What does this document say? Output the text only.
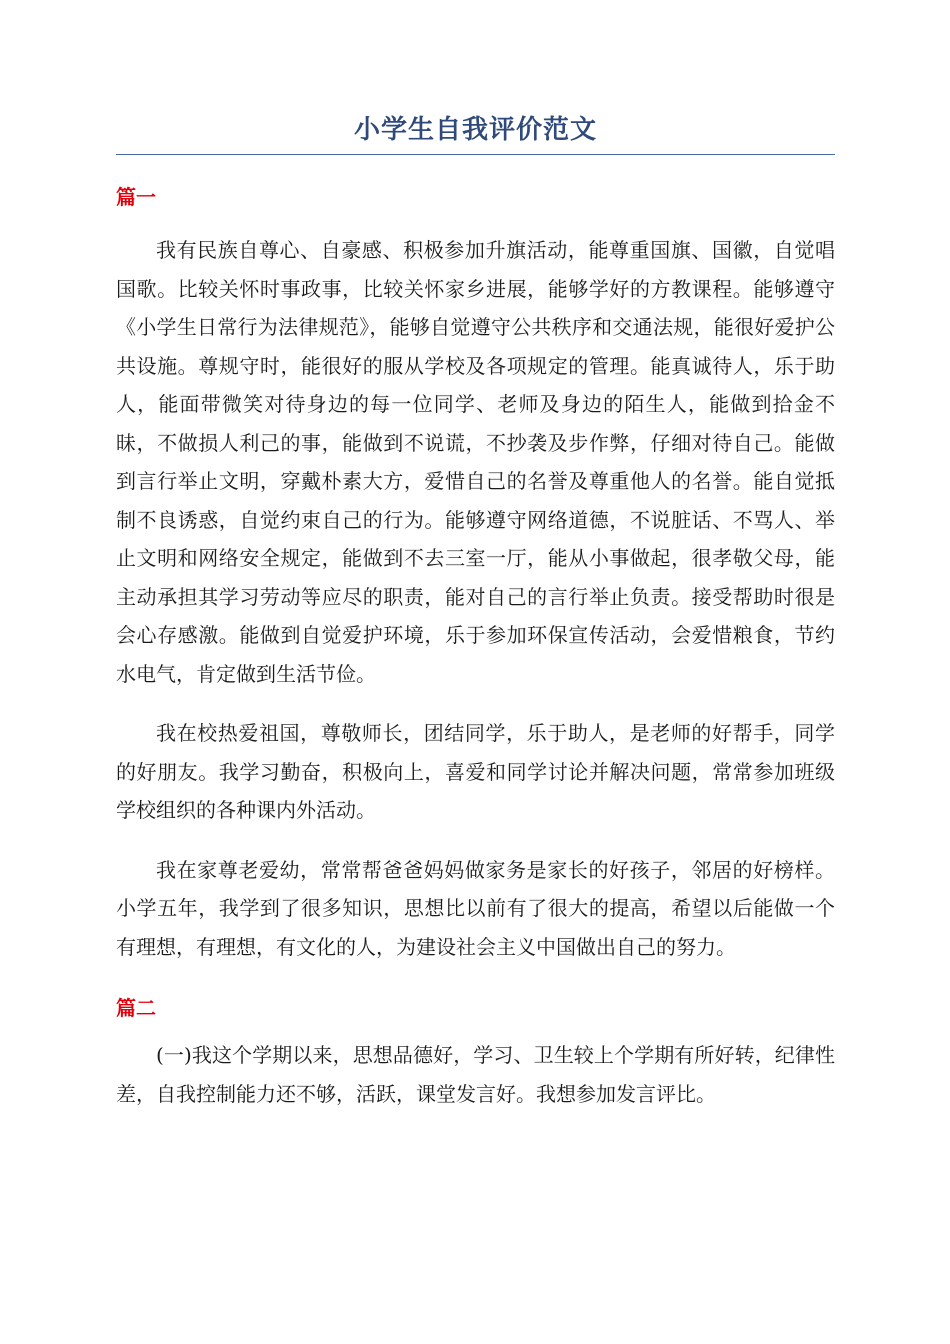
小学生自我评价范文
篇一

我有民族自尊心、自豪感、积极参加升旗活动，能尊重国旗、国徽，自觉唱国歌。比较关怀时事政事，比较关怀家乡进展，能够学好的方教课程。能够遵守《小学生日常行为法律规范》，能够自觉遵守公共秩序和交通法规，能很好爱护公共设施。尊规守时，能很好的服从学校及各项规定的管理。能真诚待人，乐于助人，能面带微笑对待身边的每一位同学、老师及身边的陌生人，能做到拾金不昧，不做损人利己的事，能做到不说谎，不抄袭及步作弊，仔细对待自己。能做到言行举止文明，穿戴朴素大方，爱惜自己的名誉及尊重他人的名誉。能自觉抵制不良诱惑，自觉约束自己的行为。能够遵守网络道德，不说脏话、不骂人、举止文明和网络安全规定，能做到不去三室一厅，能从小事做起，很孝敬父母，能主动承担其学习劳动等应尽的职责，能对自己的言行举止负责。接受帮助时很是会心存感激。能做到自觉爱护环境，乐于参加环保宣传活动，会爱惜粮食，节约水电气，肯定做到生活节俭。

我在校热爱祖国，尊敬师长，团结同学，乐于助人，是老师的好帮手，同学的好朋友。我学习勤奋，积极向上，喜爱和同学讨论并解决问题，常常参加班级学校组织的各种课内外活动。

我在家尊老爱幼，常常帮爸爸妈妈做家务是家长的好孩子，邻居的好榜样。小学五年，我学到了很多知识，思想比以前有了很大的提高，希望以后能做一个有理想，有理想，有文化的人，为建设社会主义中国做出自己的努力。

篇二

(一)我这个学期以来，思想品德好，学习、卫生较上个学期有所好转，纪律性差，自我控制能力还不够，活跃，课堂发言好。我想参加发言评比。
